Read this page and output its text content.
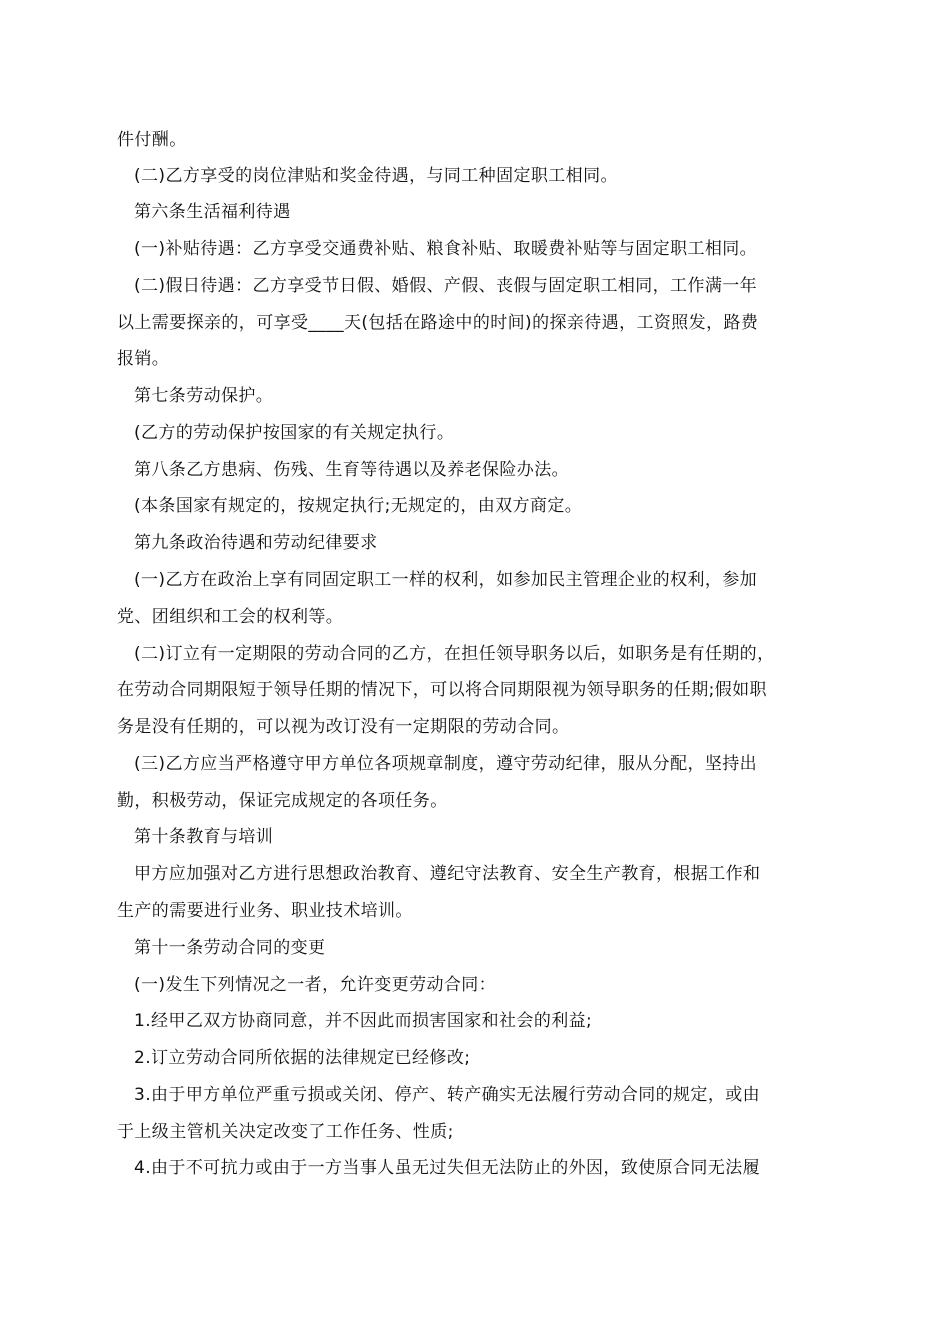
件付酬。
(二)乙方享受的岗位津贴和奖金待遇，与同工种固定职工相同。
第六条生活福利待遇
(一)补贴待遇：乙方享受交通费补贴、粮食补贴、取暖费补贴等与固定职工相同。
(二)假日待遇：乙方享受节日假、婚假、产假、丧假与固定职工相同，工作满一年
以上需要探亲的，可享受____天(包括在路途中的时间)的探亲待遇，工资照发，路费
报销。
第七条劳动保护。
(乙方的劳动保护按国家的有关规定执行。
第八条乙方患病、伤残、生育等待遇以及养老保险办法。
(本条国家有规定的，按规定执行;无规定的，由双方商定。
第九条政治待遇和劳动纪律要求
(一)乙方在政治上享有同固定职工一样的权利，如参加民主管理企业的权利，参加
党、团组织和工会的权利等。
(二)订立有一定期限的劳动合同的乙方，在担任领导职务以后，如职务是有任期的，
在劳动合同期限短于领导任期的情况下，可以将合同期限视为领导职务的任期;假如职
务是没有任期的，可以视为改订没有一定期限的劳动合同。
(三)乙方应当严格遵守甲方单位各项规章制度，遵守劳动纪律，服从分配，坚持出
勤，积极劳动，保证完成规定的各项任务。
第十条教育与培训
甲方应加强对乙方进行思想政治教育、遵纪守法教育、安全生产教育，根据工作和
生产的需要进行业务、职业技术培训。
第十一条劳动合同的变更
(一)发生下列情况之一者，允许变更劳动合同：
1.经甲乙双方协商同意，并不因此而损害国家和社会的利益;
2.订立劳动合同所依据的法律规定已经修改;
3.由于甲方单位严重亏损或关闭、停产、转产确实无法履行劳动合同的规定，或由
于上级主管机关决定改变了工作任务、性质;
4.由于不可抗力或由于一方当事人虽无过失但无法防止的外因，致使原合同无法履
